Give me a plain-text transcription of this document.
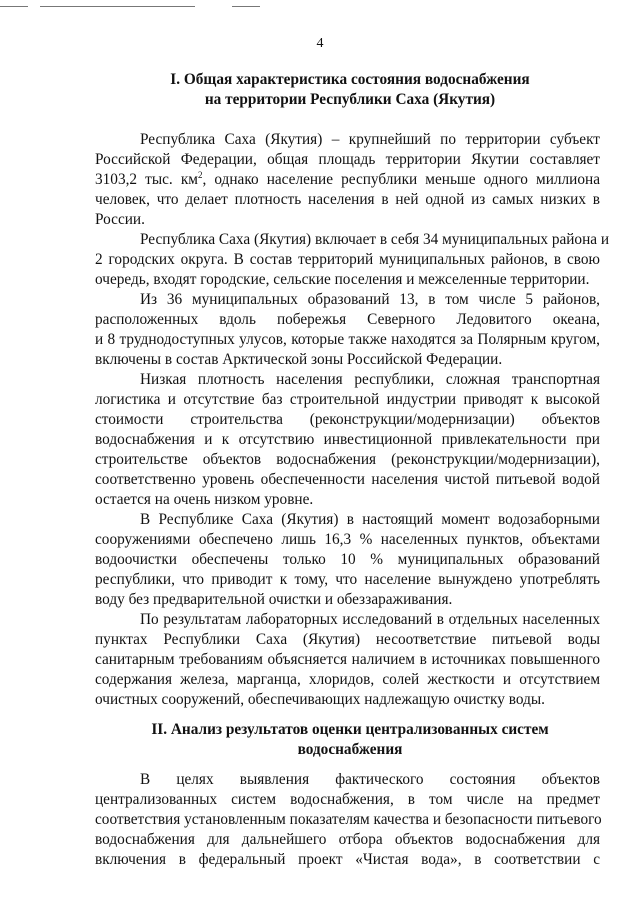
4
I. Общая характеристика состояния водоснабжения
на территории Республики Саха (Якутия)
Республика Саха (Якутия) – крупнейший по территории субъект
Российской Федерации, общая площадь территории Якутии составляет
3103,2 тыс. $км^2$, однако население республики меньше одного миллиона
человек, что делает плотность населения в ней одной из самых низких в
России.
Республика Саха (Якутия) включает в себя 34 муниципальных района и
2 городских округа. В состав территорий муниципальных районов, в свою
очередь, входят городские, сельские поселения и межселенные территории.
Из 36 муниципальных образований 13, в том числе 5 районов,
расположенных вдоль побережья Северного Ледовитого океана,
и 8 труднодоступных улусов, которые также находятся за Полярным кругом,
включены в состав Арктической зоны Российской Федерации.
Низкая плотность населения республики, сложная транспортная
логистика и отсутствие баз строительной индустрии приводят к высокой
стоимости строительства (реконструкции/модернизации) объектов
водоснабжения и к отсутствию инвестиционной привлекательности при
строительстве объектов водоснабжения (реконструкции/модернизации),
соответственно уровень обеспеченности населения чистой питьевой водой
остается на очень низком уровне.
В Республике Саха (Якутия) в настоящий момент водозаборными
сооружениями обеспечено лишь 16,3 % населенных пунктов, объектами
водоочистки обеспечены только 10 % муниципальных образований
республики, что приводит к тому, что население вынуждено употреблять
воду без предварительной очистки и обеззараживания.
По результатам лабораторных исследований в отдельных населенных
пунктах Республики Саха (Якутия) несоответствие питьевой воды
санитарным требованиям объясняется наличием в источниках повышенного
содержания железа, марганца, хлоридов, солей жесткости и отсутствием
очистных сооружений, обеспечивающих надлежащую очистку воды.
II. Анализ результатов оценки централизованных систем
водоснабжения
В целях выявления фактического состояния объектов
централизованных систем водоснабжения, в том числе на предмет
соответствия установленным показателям качества и безопасности питьевого
водоснабжения для дальнейшего отбора объектов водоснабжения для
включения в федеральный проект «Чистая вода», в соответствии с
